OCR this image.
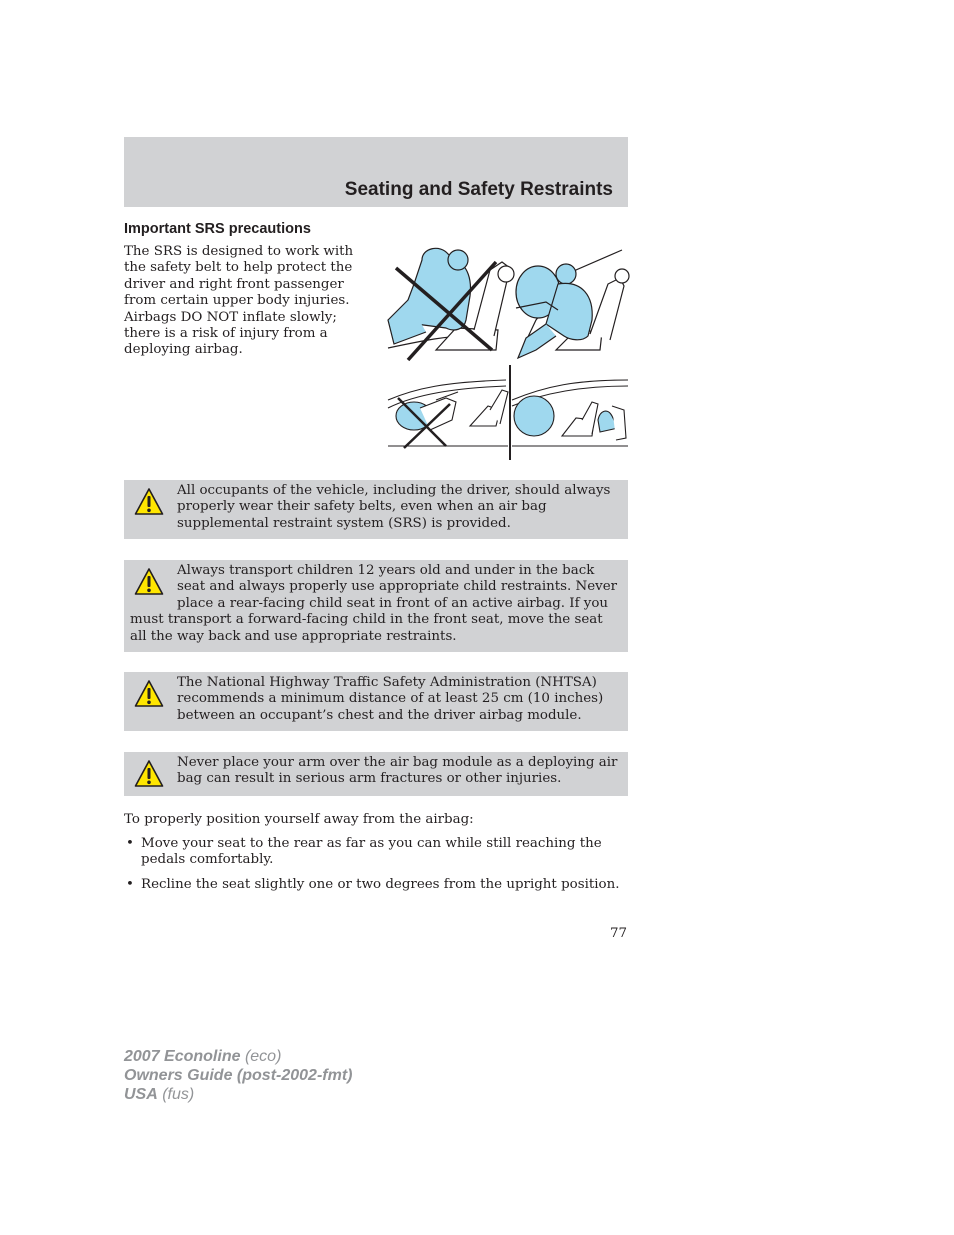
Seating and Safety Restraints
Important SRS precautions

The SRS is designed to work with the safety belt to help protect the driver and right front passenger from certain upper body injuries. Airbags DO NOT inflate slowly; there is a risk of injury from a deploying airbag.

All occupants of the vehicle, including the driver, should always properly wear their safety belts, even when an air bag supplemental restraint system (SRS) is provided.

Always transport children 12 years old and under in the back seat and always properly use appropriate child restraints. Never place a rear-facing child seat in front of an active airbag. If you must transport a forward-facing child in the front seat, move the seat all the way back and use appropriate restraints.

The National Highway Traffic Safety Administration (NHTSA) recommends a minimum distance of at least 25 cm (10 inches) between an occupant’s chest and the driver airbag module.

Never place your arm over the air bag module as a deploying air bag can result in serious arm fractures or other injuries.

To properly position yourself away from the airbag:

• Move your seat to the rear as far as you can while still reaching the pedals comfortably.
• Recline the seat slightly one or two degrees from the upright position.
77
2007 Econoline (eco)
Owners Guide (post-2002-fmt)
USA (fus)
